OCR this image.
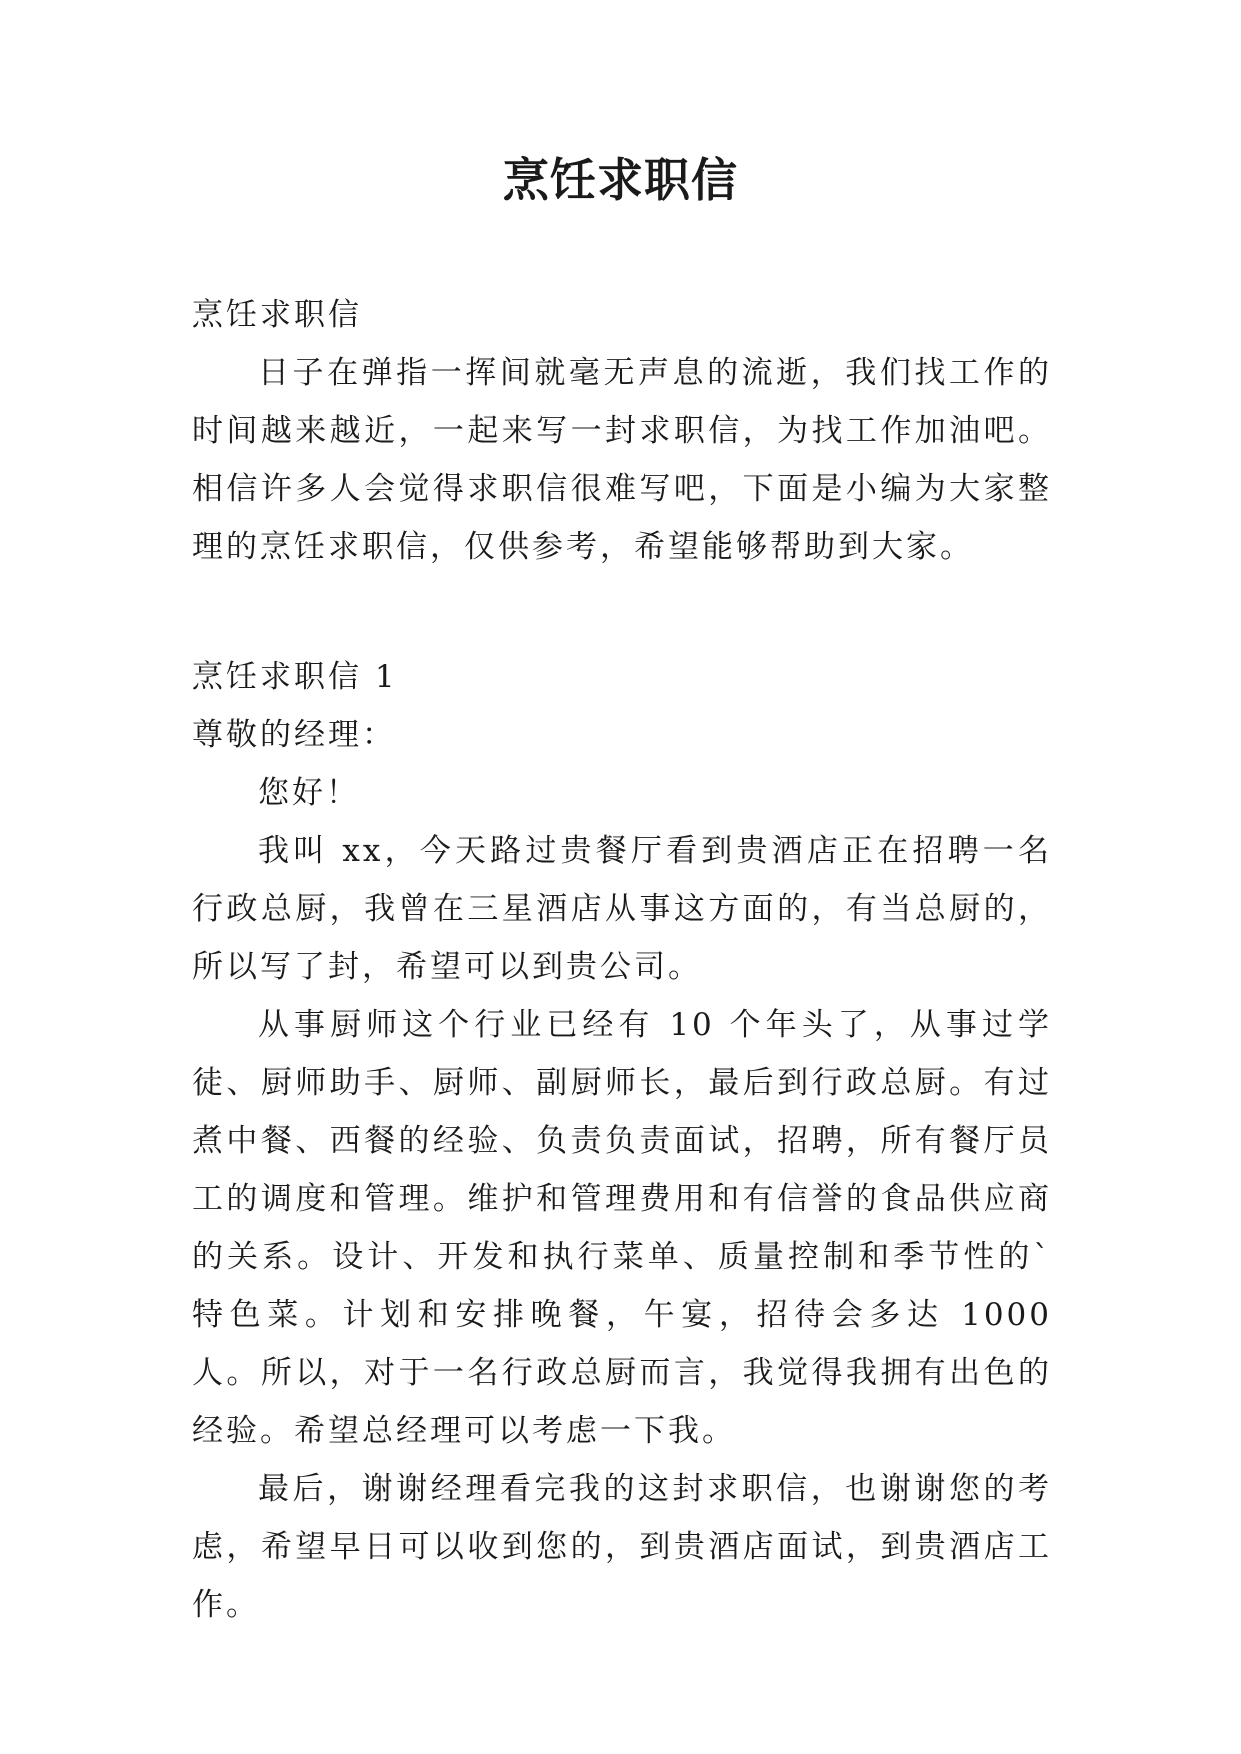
烹饪求职信

烹饪求职信

日子在弹指一挥间就毫无声息的流逝，我们找工作的时间越来越近，一起来写一封求职信，为找工作加油吧。相信许多人会觉得求职信很难写吧，下面是小编为大家整理的烹饪求职信，仅供参考，希望能够帮助到大家。

烹饪求职信 1

尊敬的经理：

您好！

我叫 xx，今天路过贵餐厅看到贵酒店正在招聘一名行政总厨，我曾在三星酒店从事这方面的，有当总厨的，所以写了封，希望可以到贵公司。

从事厨师这个行业已经有 10 个年头了，从事过学徒、厨师助手、厨师、副厨师长，最后到行政总厨。有过煮中餐、西餐的经验、负责负责面试，招聘，所有餐厅员工的调度和管理。维护和管理费用和有信誉的食品供应商的关系。设计、开发和执行菜单、质量控制和季节性的`特色菜。计划和安排晚餐，午宴，招待会多达 1000 人。所以，对于一名行政总厨而言，我觉得我拥有出色的经验。希望总经理可以考虑一下我。

最后，谢谢经理看完我的这封求职信，也谢谢您的考虑，希望早日可以收到您的，到贵酒店面试，到贵酒店工作。
